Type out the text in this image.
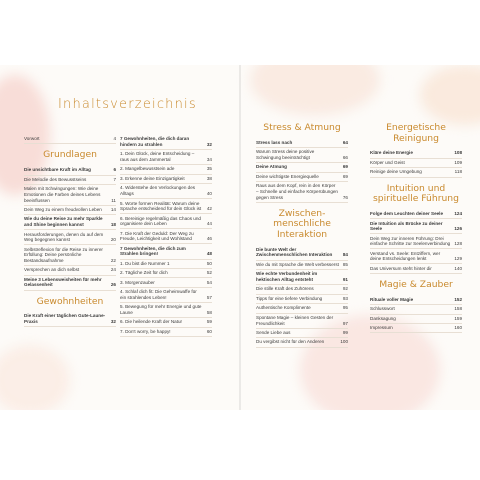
Inhaltsverzeichnis
Vorwort	4
Grundlagen
Die unsichtbare Kraft im Alltag	6
Die Melodie des Bewusstseins	7
Malen mit Schwingungen: Wie deine Emotionen die Farben deines Lebens beeinflussen	11
Dein Weg zu einem freudvollen Leben	14
Wie du deine Reise zu mehr Sparkle and Shine beginnen kannst	18
Herausforderungen, denen du auf dem Weg begegnen kannst	20
Selbstreflexion für die Reise zu innerer Erfüllung: Deine persönliche Bestandsaufnahme	22
Versprechen an dich selbst	24
Meine 3 Lebensweisheiten für mehr Gelassenheit	26
Gewohnheiten
Die Kraft einer täglichen Gute-Laune-Praxis	32
7 Gewohnheiten, die dich daran hindern zu strahlen	32
1. Dein Glück, deine Entscheidung – raus aus dem Jammertal	34
2. Mangelbewusstsein ade	35
3. Erkenne deine Einzigartigkeit	38
4. Widerstehe den Verlockungen des Alltags	40
5. Worte formen Realität: Warum deine Sprache entscheidend für dein Glück ist	42
6. Bereinige regelmäßig das Chaos und organisiere dein Leben	44
7. Die Kraft der Geduld: Der Weg zu Freude, Leichtigkeit und Wohlstand	46
7 Gewohnheiten, die dich zum Strahlen bringen!	48
1. Du bist die Nummer 1	50
2. Tägliche Zeit für dich	52
3. Morgenzauber	54
4. Schlaf dich fit: Die Geheimwaffe für ein strahlendes Leben!	57
5. Bewegung für mehr Energie und gute Laune	58
6. Die heilende Kraft der Natur	59
7. Don't worry, be happy!	60
Stress & Atmung
Stress lass nach	64
Warum Stress deine positive Schwingung beeinträchtigt	66
Deine Atmung	69
Deine wichtigste Energiequelle	69
Raus aus dem Kopf, rein in den Körper – Schnelle und einfache Körperübungen gegen Stress	76
Zwischen-menschliche Interaktion
Die bunte Welt der Zwischenmenschlichen Interaktion	84
Wie du mit Sprache die Welt verbesserst 85
Wie echte Verbundenheit im hektischen Alltag entsteht	91
Die stille Kraft des Zuhörens	92
Tipps für eine tiefere Verbindung	93
Authentische Komplimente	95
Spontane Magie – kleinen Gesten der Freundlichkeit	97
Sende Liebe aus	99
Du vergibst nicht für den Anderen	100
Energetische Reinigung
Kläre deine Energie	108
Körper und Geist	109
Reinige deine Umgebung	118
Intuition und spirituelle Führung
Folge dem Leuchten deiner Seele	124
Die Intuition als Brücke zu deiner Seele	126
Dein Weg zur inneren Führung: Drei einfache Schritte zur Seelenverbindung 128
Verstand vs. Seele: Entziffern, wer deine Entscheidungen lenkt	129
Das Universum steht hinter dir	140
Magie & Zauber
Rituale voller Magie	152
Schlusswort	158
Danksagung	159
Impressum	160
